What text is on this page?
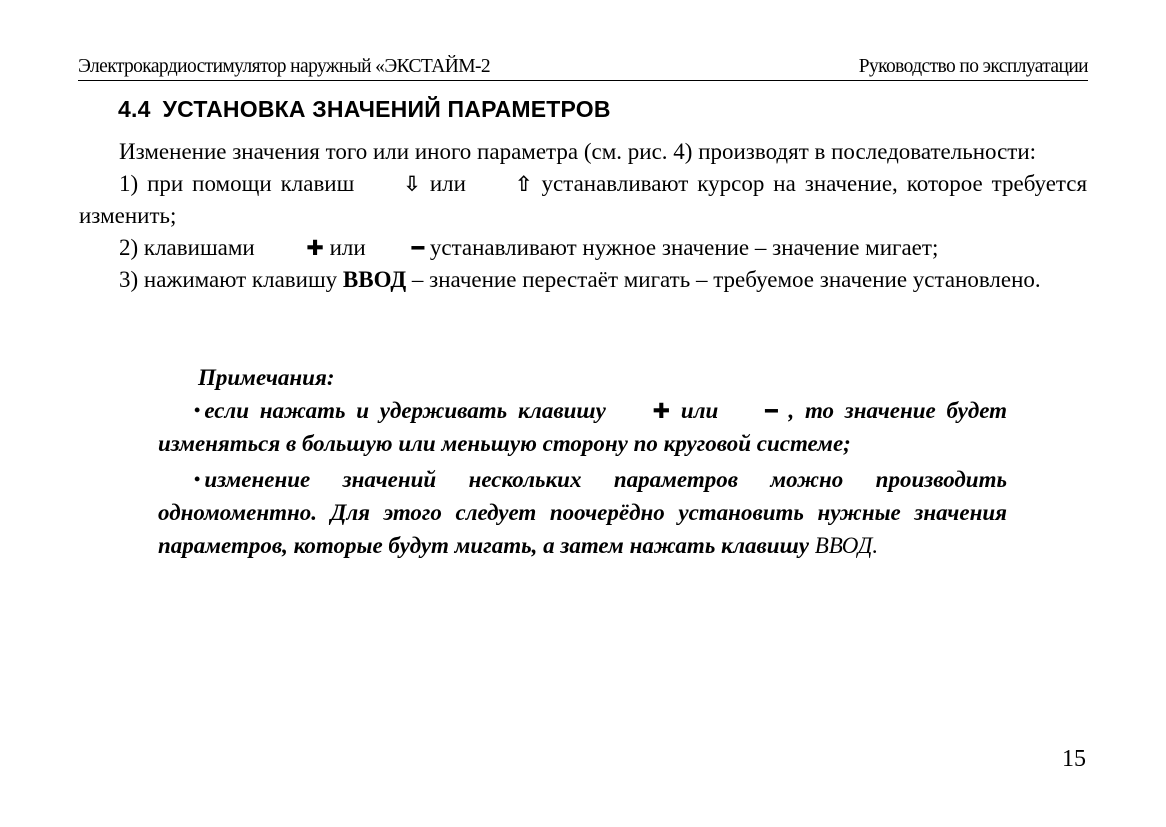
Электрокардиостимулятор наружный «ЭКСТАЙМ-2	Руководство по эксплуатации
4.4 УСТАНОВКА ЗНАЧЕНИЙ ПАРАМЕТРОВ

Изменение значения того или иного параметра (см. рис. 4) производят в последовательности:

1) при помощи клавиш ⇩ или ⇧ устанавливают курсор на значение, которое требуется изменить;

2) клавишами ✚ или ━ устанавливают нужное значение – значение мигает;

3) нажимают клавишу ВВОД – значение перестаёт мигать – требуемое значение установлено.

Примечания:

• если нажать и удерживать клавишу ✚ или ━ , то значение будет изменяться в большую или меньшую сторону по круговой системе;

• изменение значений нескольких параметров можно производить одномоментно. Для этого следует поочерёдно установить нужные значения параметров, которые будут мигать, а затем нажать клавишу ВВОД.

15
